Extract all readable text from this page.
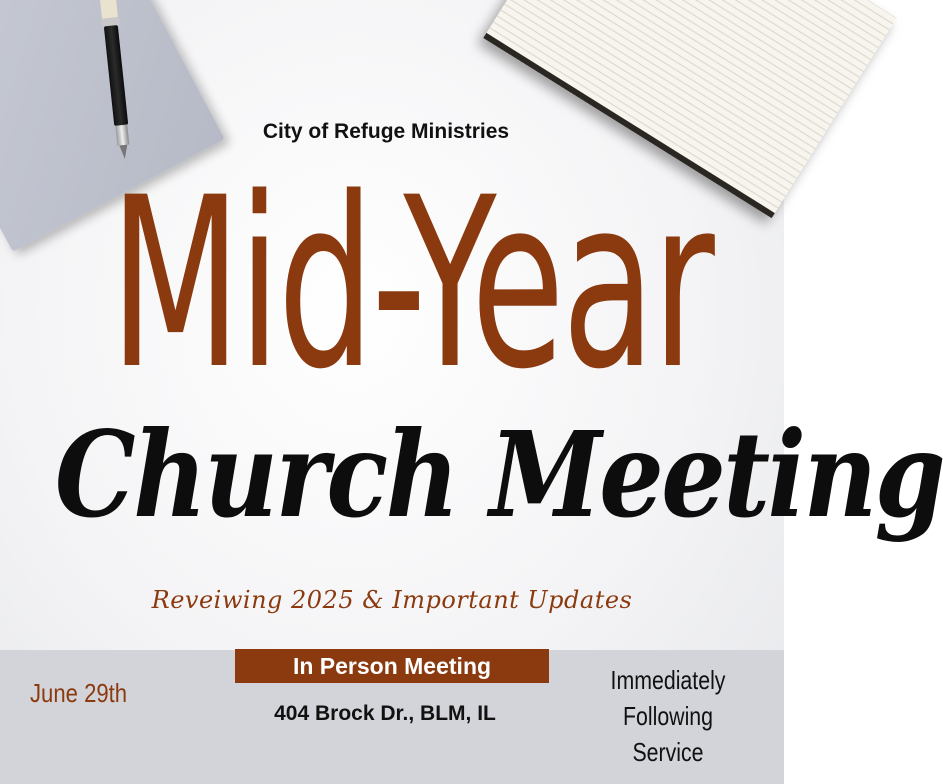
City of Refuge Ministries
Mid-Year
Church Meeting
Reveiwing 2025 & Important Updates
June 29th
In Person Meeting
404 Brock Dr., BLM, IL
Immediately
Following Service
